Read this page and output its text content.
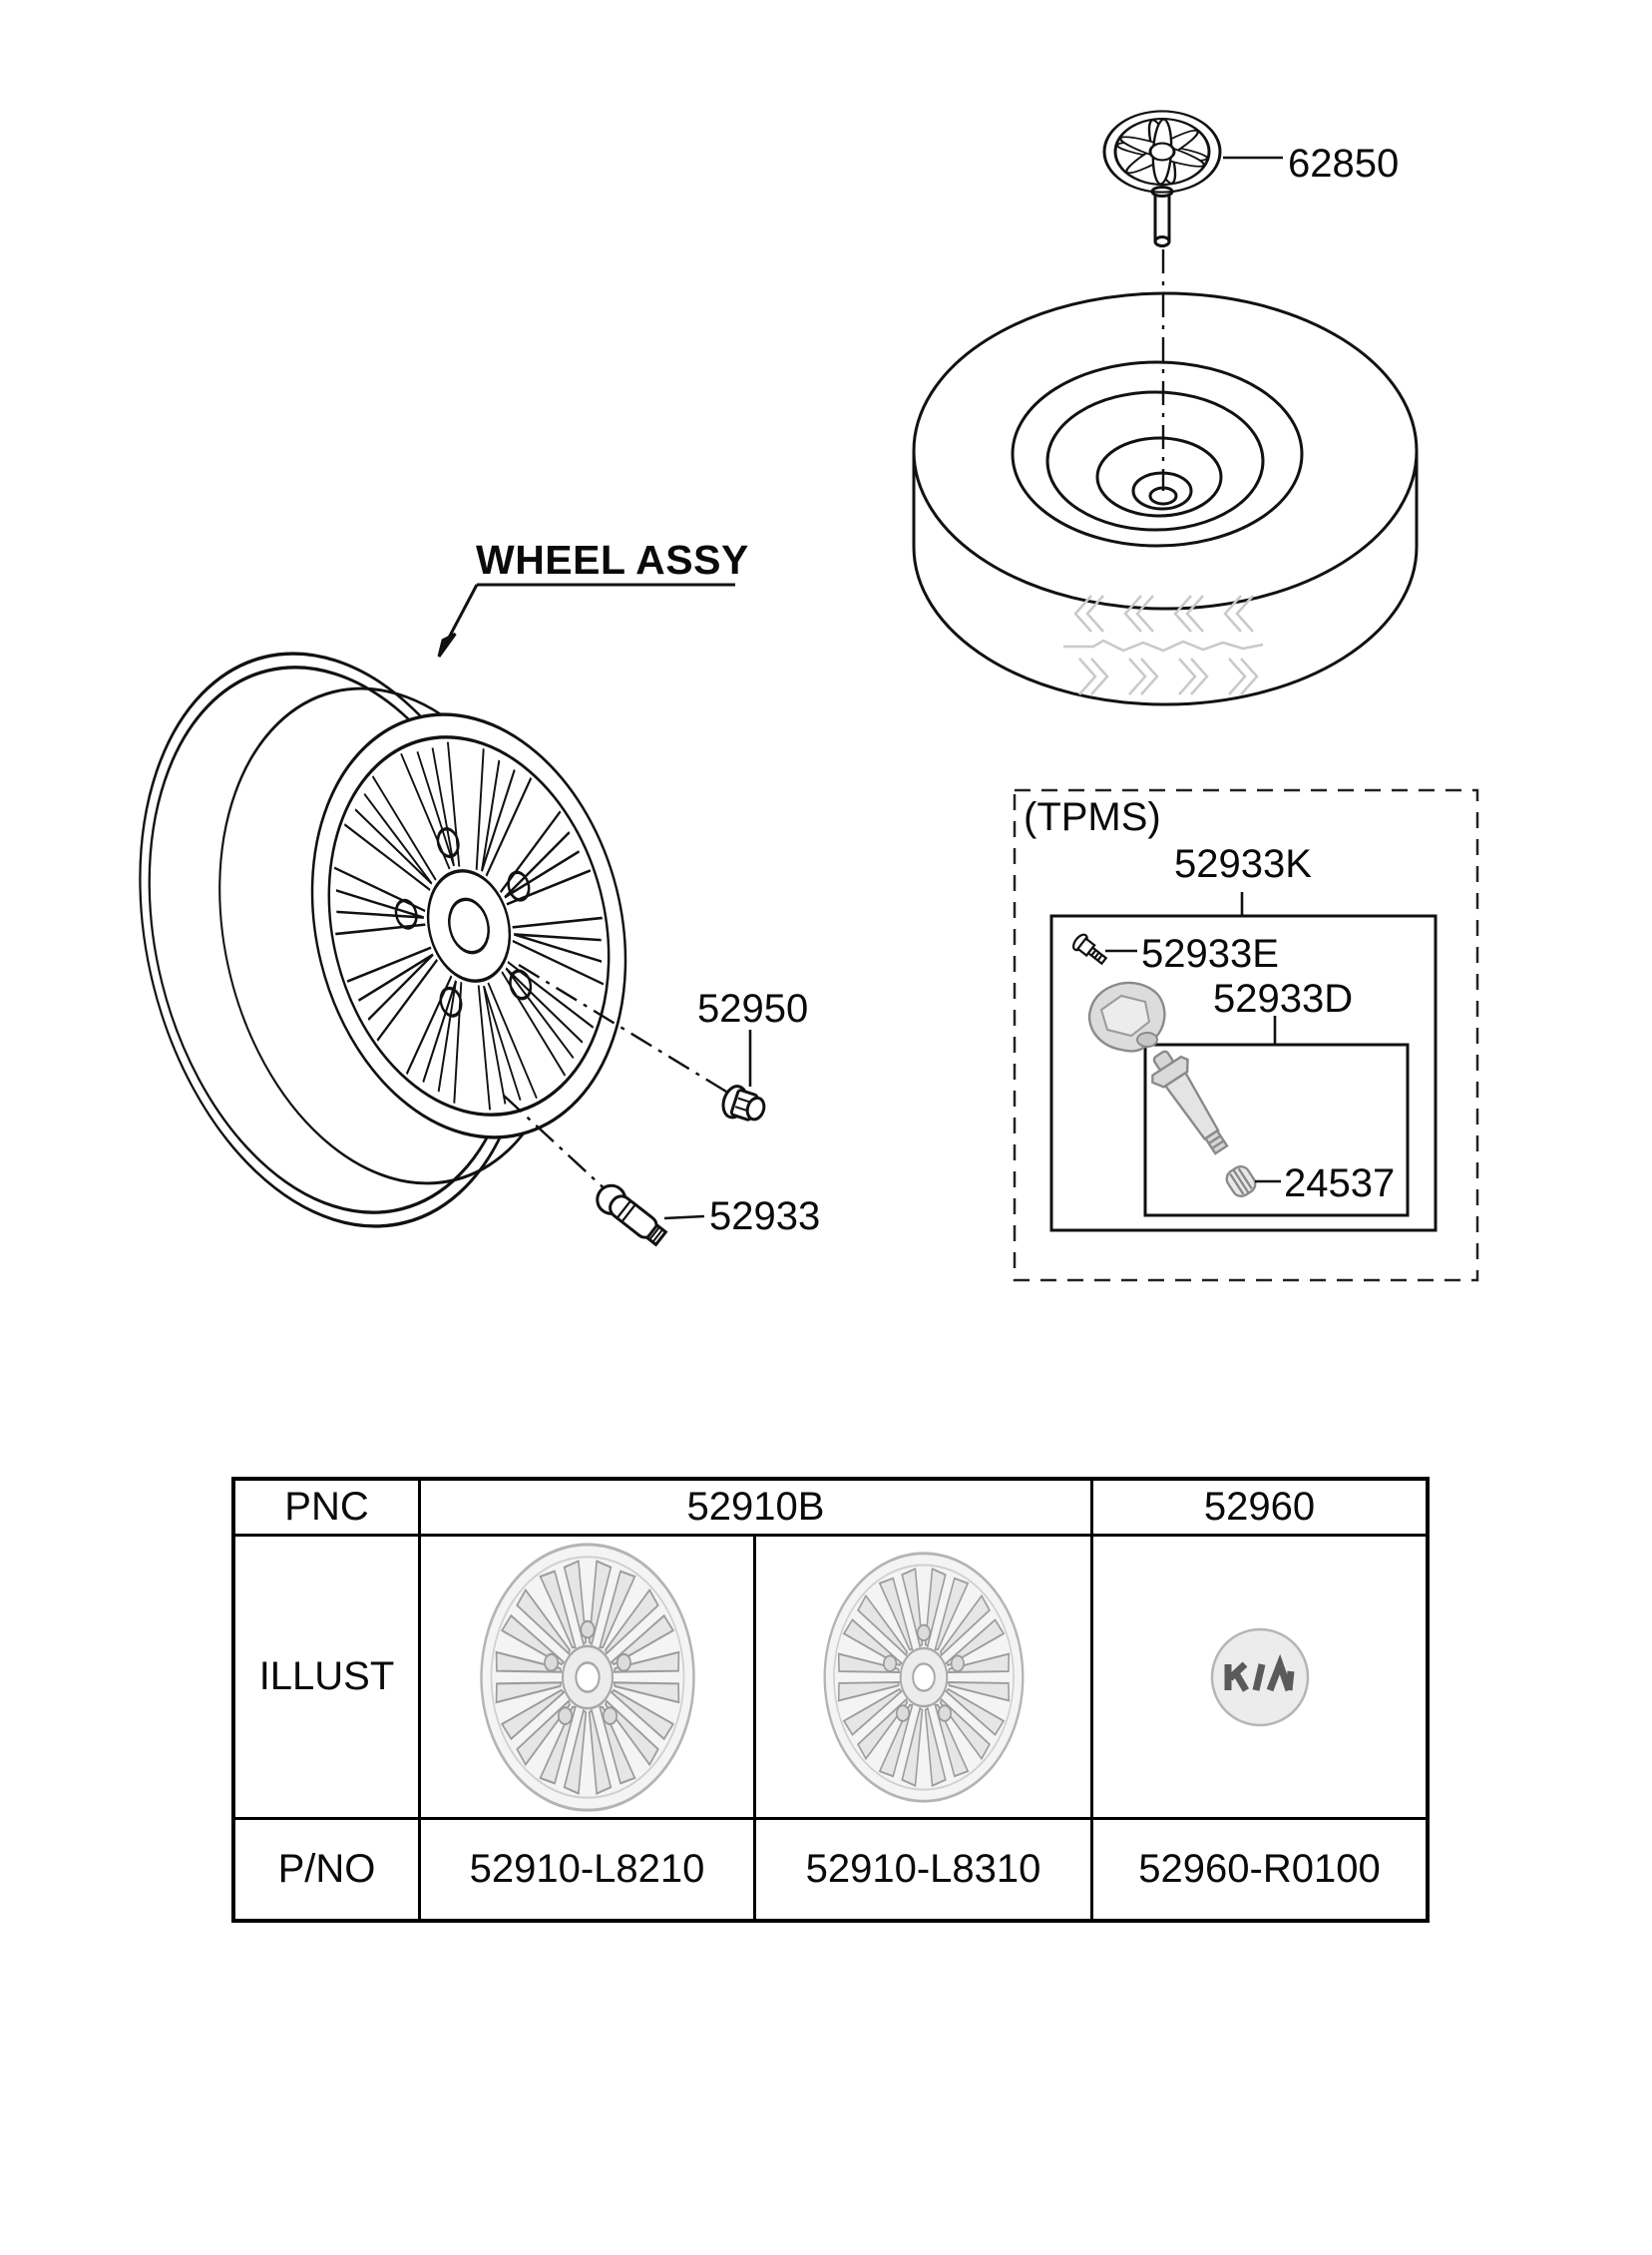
62850
WHEEL ASSY
52950
52933
(TPMS)
52933K
52933E
52933D
24537
PNC	52910B	52960
ILLUST
P/NO	52910-L8210	52910-L8310	52960-R0100
